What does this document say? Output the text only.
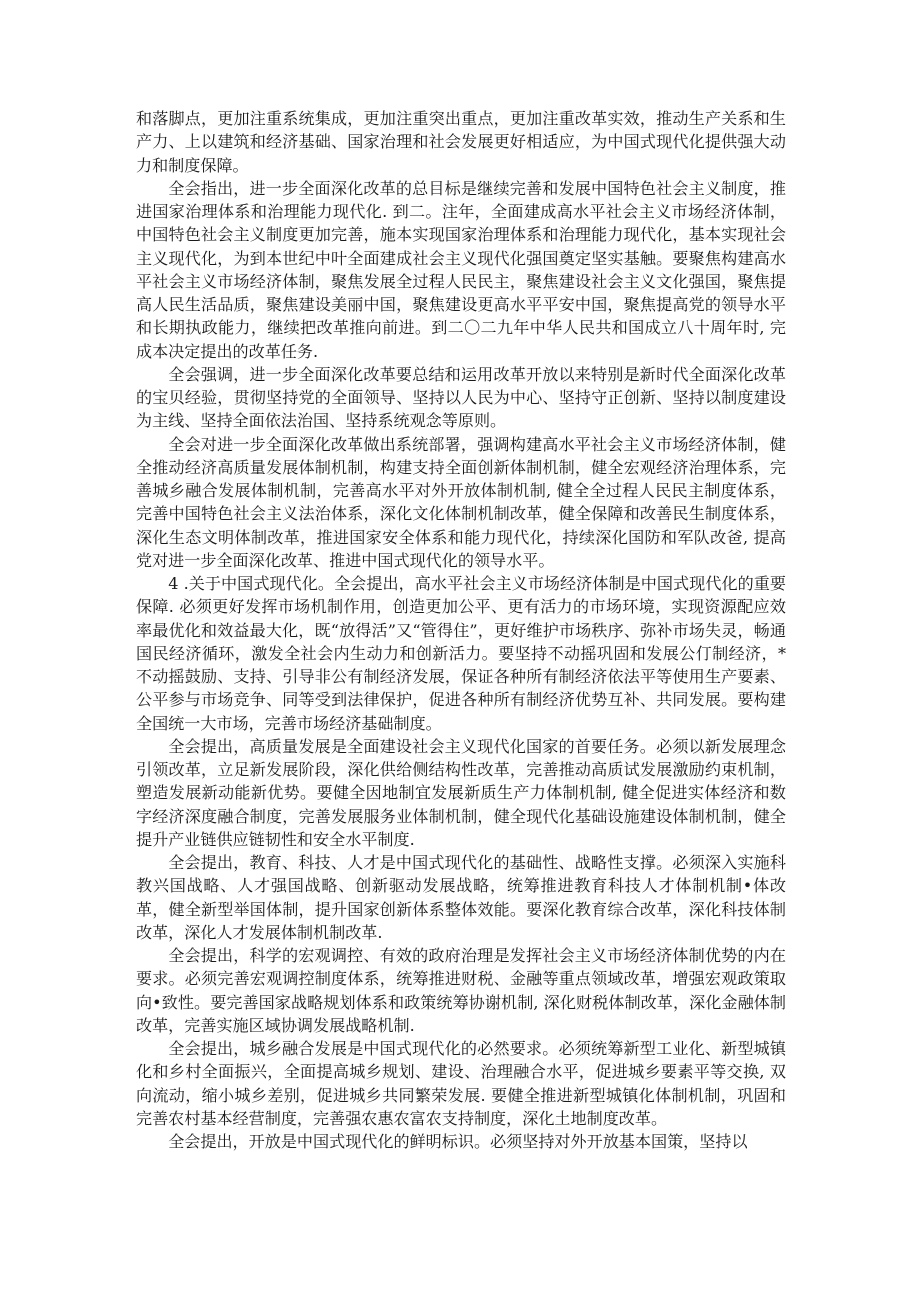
和落脚点，更加注重系统集成，更加注重突出重点，更加注重改革实效，推动生产关系和生产力、上以建筑和经济基础、国家治理和社会发展更好相适应，为中国式现代化提供强大动力和制度保障。

全会指出，进一步全面深化改革的总目标是继续完善和发展中国特色社会主义制度，推进国家治理体系和治理能力现代化. 到二。注年，全面建成高水平社会主义市场经济体制，中国特色社会主义制度更加完善，施本实现国家治理体系和治理能力现代化，基本实现社会主义现代化，为到本世纪中叶全面建成社会主义现代化强国奠定坚实基触。要聚焦构建高水平社会主义市场经济体制，聚焦发展全过程人民民主，聚焦建设社会主义文化强国，聚焦提高人民生活品质，聚焦建设美丽中国，聚焦建设更高水平平安中国，聚焦提高党的领导水平和长期执政能力，继续把改革推向前进。到二〇二九年中华人民共和国成立八十周年时, 完成本决定提出的改革任务.

全会强调，进一步全面深化改革要总结和运用改革开放以来特别是新时代全面深化改革的宝贝经验，贯彻坚持党的全面领导、坚持以人民为中心、坚持守正创新、坚持以制度建设为主线、坚持全面依法治国、坚持系统观念等原则。

全会对进一步全面深化改革做出系统部署，强调构建高水平社会主义市场经济体制，健全推动经济高质量发展体制机制，构建支持全面创新体制机制，健全宏观经济治理体系，完善城乡融合发展体制机制，完善高水平对外开放体制机制, 健全全过程人民民主制度体系，完善中国特色社会主义法治体系，深化文化体制机制改革，健全保障和改善民生制度体系，深化生态文明体制改革，推进国家安全体系和能力现代化，持续深化国防和军队改爸, 提高党对进一步全面深化改革、推进中国式现代化的领导水平。

4 .关于中国式现代化。全会提出，高水平社会主义市场经济体制是中国式现代化的重要保障. 必须更好发挥市场机制作用，创造更加公平、更有活力的市场环境，实现资源配应效率最优化和效益最大化，既“放得活”又“管得住”，更好维护市场秩序、弥补市场失灵，畅通国民经济循环，激发全社会内生动力和创新活力。要坚持不动摇巩固和发展公仃制经济，*不动摇鼓励、支持、引导非公有制经济发展，保证各种所有制经济依法平等使用生产要素、公平参与市场竞争、同等受到法律保护，促进各种所有制经济优势互补、共同发展。要构建全国统一大市场，完善市场经济基础制度。

全会提出，高质量发展是全面建设社会主义现代化国家的首要任务。必须以新发展理念引领改革，立足新发展阶段，深化供给侧结构性改革，完善推动高质试发展激励约束机制，塑造发展新动能新优势。要健全因地制宜发展新质生产力体制机制, 健全促进实体经济和数字经济深度融合制度，完善发展服务业体制机制，健全现代化基础设施建设体制机制，健全提升产业链供应链韧性和安全水平制度.

全会提出，教育、科技、人才是中国式现代化的基础性、战略性支撑。必须深入实施科教兴国战略、人才强国战略、创新驱动发展战略，统筹推进教育科技人才体制机制•体改革，健全新型举国体制，提升国家创新体系整体效能。要深化教育综合改革，深化科技体制改革，深化人才发展体制机制改革.

全会提出，科学的宏观调控、有效的政府治理是发挥社会主义市场经济体制优势的内在要求。必须完善宏观调控制度体系，统筹推进财税、金融等重点领域改革，增强宏观政策取向•致性。要完善国家战略规划体系和政策统筹协谢机制, 深化财税体制改革，深化金融体制改革，完善实施区域协调发展战略机制.

全会提出，城乡融合发展是中国式现代化的必然要求。必须统筹新型工业化、新型城镇化和乡村全面振兴，全面提高城乡规划、建设、治理融合水平，促进城乡要素平等交换, 双向流动，缩小城乡差别，促进城乡共同繁荣发展. 要健全推进新型城镇化体制机制，巩固和完善农村基本经营制度，完善强农惠农富农支持制度，深化土地制度改革。

全会提出，开放是中国式现代化的鲜明标识。必须坚持对外开放基本国策，坚持以
